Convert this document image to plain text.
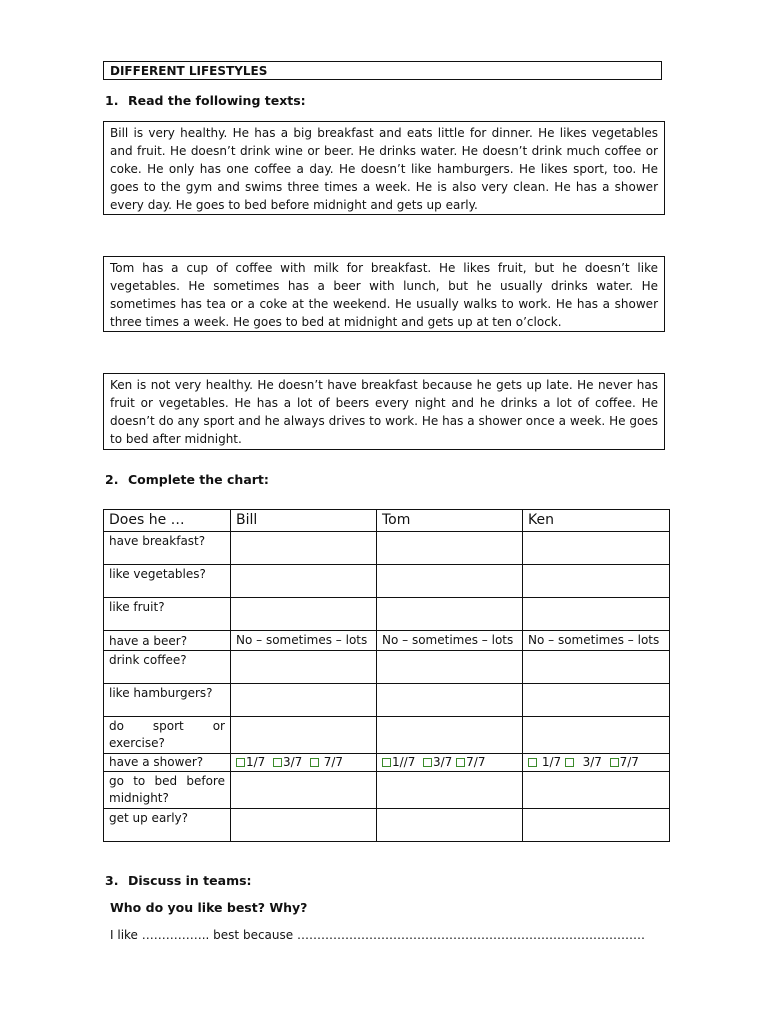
DIFFERENT LIFESTYLES
1. Read the following texts:
Bill is very healthy. He has a big breakfast and eats little for dinner. He likes vegetables and fruit. He doesn’t drink wine or beer. He drinks water. He doesn’t drink much coffee or coke. He only has one coffee a day. He doesn’t like hamburgers. He likes sport, too. He goes to the gym and swims three times a week. He is also very clean. He has a shower every day. He goes to bed before midnight and gets up early.
Tom has a cup of coffee with milk for breakfast. He likes fruit, but he doesn’t like vegetables. He sometimes has a beer with lunch, but he usually drinks water. He sometimes has tea or a coke at the weekend. He usually walks to work. He has a shower three times a week. He goes to bed at midnight and gets up at ten o’clock.
Ken is not very healthy. He doesn’t have breakfast because he gets up late. He never has fruit or vegetables. He has a lot of beers every night and he drinks a lot of coffee. He doesn’t do any sport and he always drives to work. He has a shower once a week. He goes to bed after midnight.
2. Complete the chart:
Does he …	Bill	Tom	Ken
have breakfast?			
like vegetables?			
like fruit?			
have a beer?	No – sometimes – lots	No – sometimes – lots	No – sometimes – lots
drink coffee?			
like hamburgers?			

do sport or
exercise?			

have a shower?	1/7 3/7 7/7	1//7 3/7 7/7	1/7 3/7 7/7

go to bed before
midnight?			

get up early?			
3. Discuss in teams:
Who do you like best? Why?
I like …………….. best because ……………………………………………………………………………
